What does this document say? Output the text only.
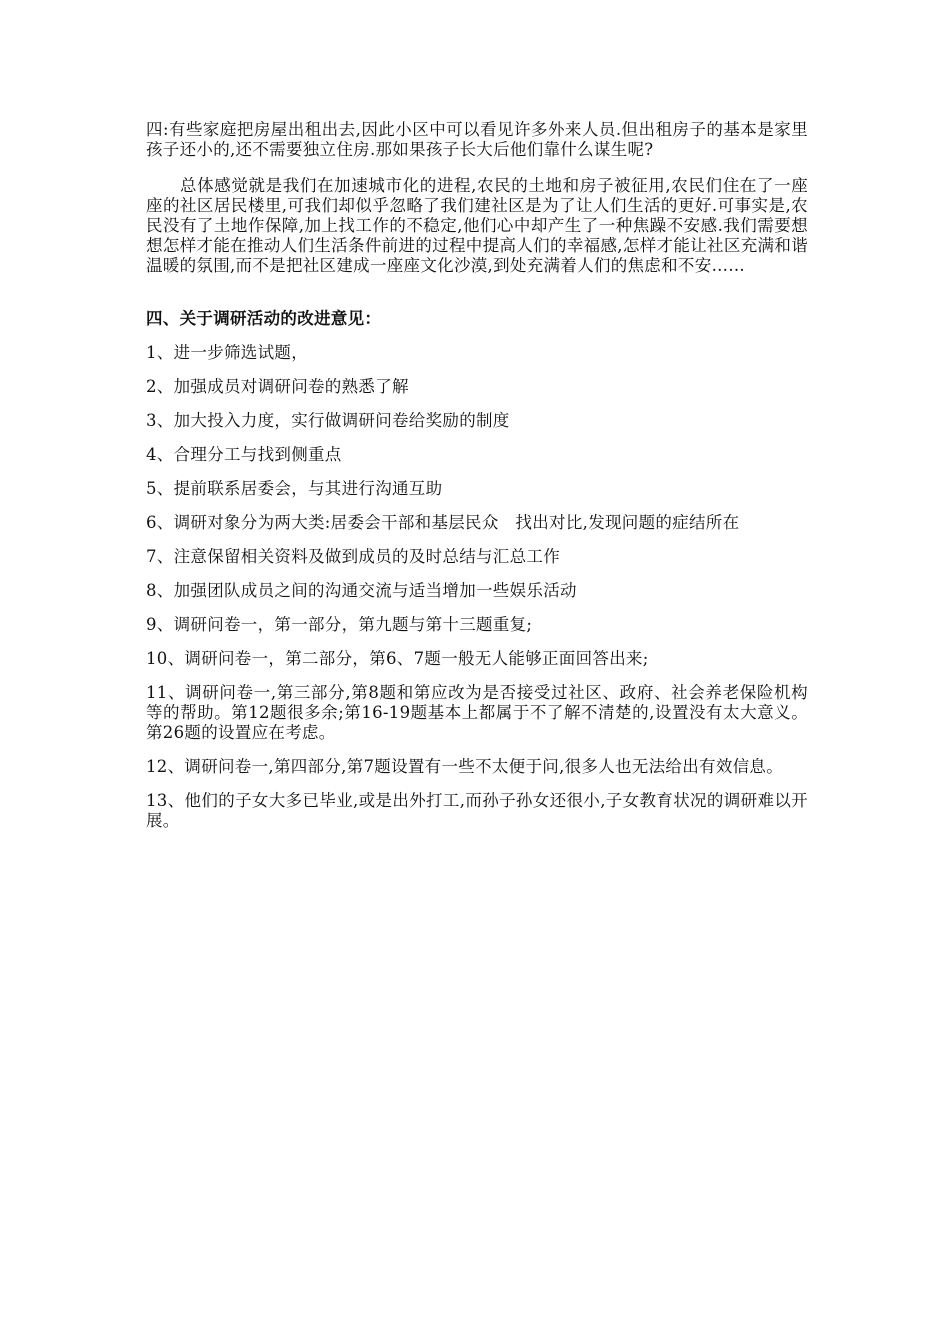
四:有些家庭把房屋出租出去,因此小区中可以看见许多外来人员.但出租房子的基本是家里孩子还小的,还不需要独立住房.那如果孩子长大后他们靠什么谋生呢?

总体感觉就是我们在加速城市化的进程,农民的土地和房子被征用,农民们住在了一座座的社区居民楼里,可我们却似乎忽略了我们建社区是为了让人们生活的更好.可事实是,农民没有了土地作保障,加上找工作的不稳定,他们心中却产生了一种焦躁不安感.我们需要想想怎样才能在推动人们生活条件前进的过程中提高人们的幸福感,怎样才能让社区充满和谐温暖的氛围,而不是把社区建成一座座文化沙漠,到处充满着人们的焦虑和不安……

四、关于调研活动的改进意见：
1、进一步筛选试题，
2、加强成员对调研问卷的熟悉了解
3、加大投入力度，实行做调研问卷给奖励的制度
4、合理分工与找到侧重点
5、提前联系居委会，与其进行沟通互助
6、调研对象分为两大类:居委会干部和基层民众　找出对比,发现问题的症结所在
7、注意保留相关资料及做到成员的及时总结与汇总工作
8、加强团队成员之间的沟通交流与适当增加一些娱乐活动
9、调研问卷一，第一部分，第九题与第十三题重复;
10、调研问卷一，第二部分，第6、7题一般无人能够正面回答出来;
11、调研问卷一,第三部分,第8题和第应改为是否接受过社区、政府、社会养老保险机构等的帮助。第12题很多余;第16-19题基本上都属于不了解不清楚的,设置没有太大意义。第26题的设置应在考虑。
12、调研问卷一,第四部分,第7题设置有一些不太便于问,很多人也无法给出有效信息。
13、他们的子女大多已毕业,或是出外打工,而孙子孙女还很小,子女教育状况的调研难以开展。
